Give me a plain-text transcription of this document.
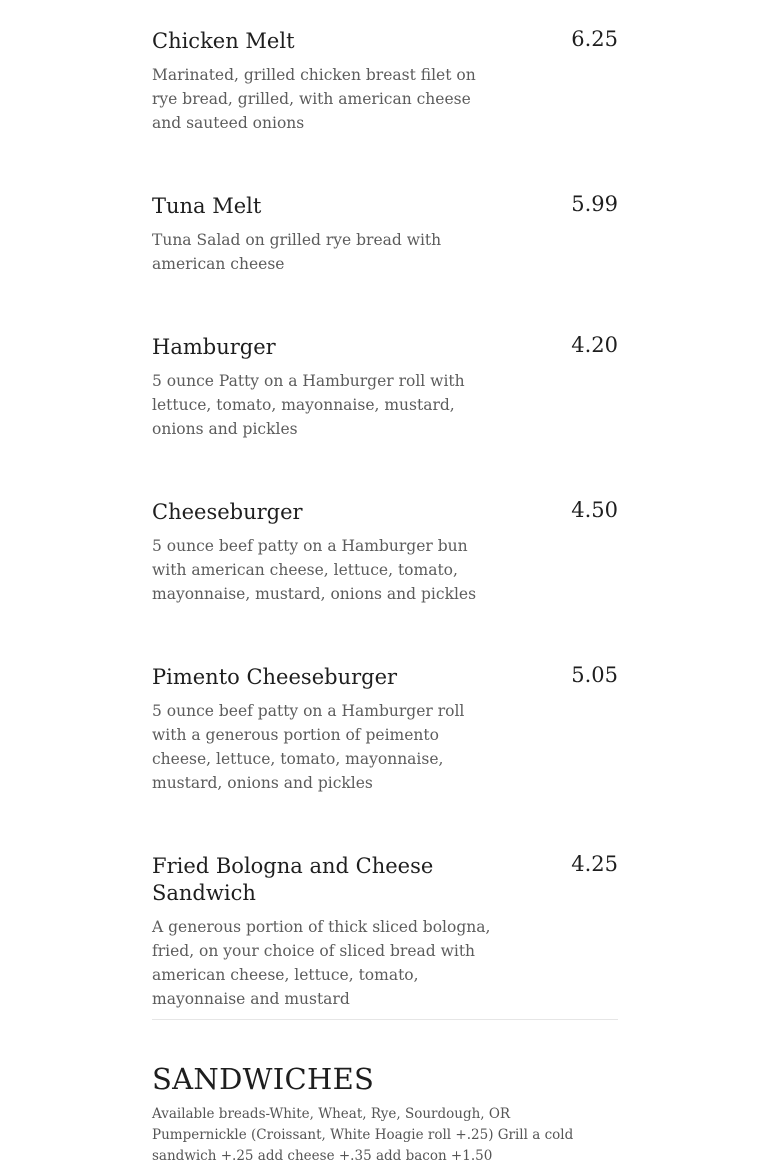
Chicken Melt	6.25
Marinated, grilled chicken breast filet on rye bread, grilled, with american cheese and sauteed onions
Tuna Melt	5.99
Tuna Salad on grilled rye bread with american cheese
Hamburger	4.20
5 ounce Patty on a Hamburger roll with lettuce, tomato, mayonnaise, mustard, onions and pickles
Cheeseburger	4.50
5 ounce beef patty on a Hamburger bun with american cheese, lettuce, tomato, mayonnaise, mustard, onions and pickles
Pimento Cheeseburger	5.05
5 ounce beef patty on a Hamburger roll with a generous portion of peimento cheese, lettuce, tomato, mayonnaise, mustard, onions and pickles
Fried Bologna and Cheese Sandwich
4.25
A generous portion of thick sliced bologna, fried, on your choice of sliced bread with american cheese, lettuce, tomato, mayonnaise and mustard
SANDWICHES
Available breads-White, Wheat, Rye, Sourdough, OR Pumpernickle (Croissant, White Hoagie roll +.25) Grill a cold sandwich +.25 add cheese +.35 add bacon +1.50
